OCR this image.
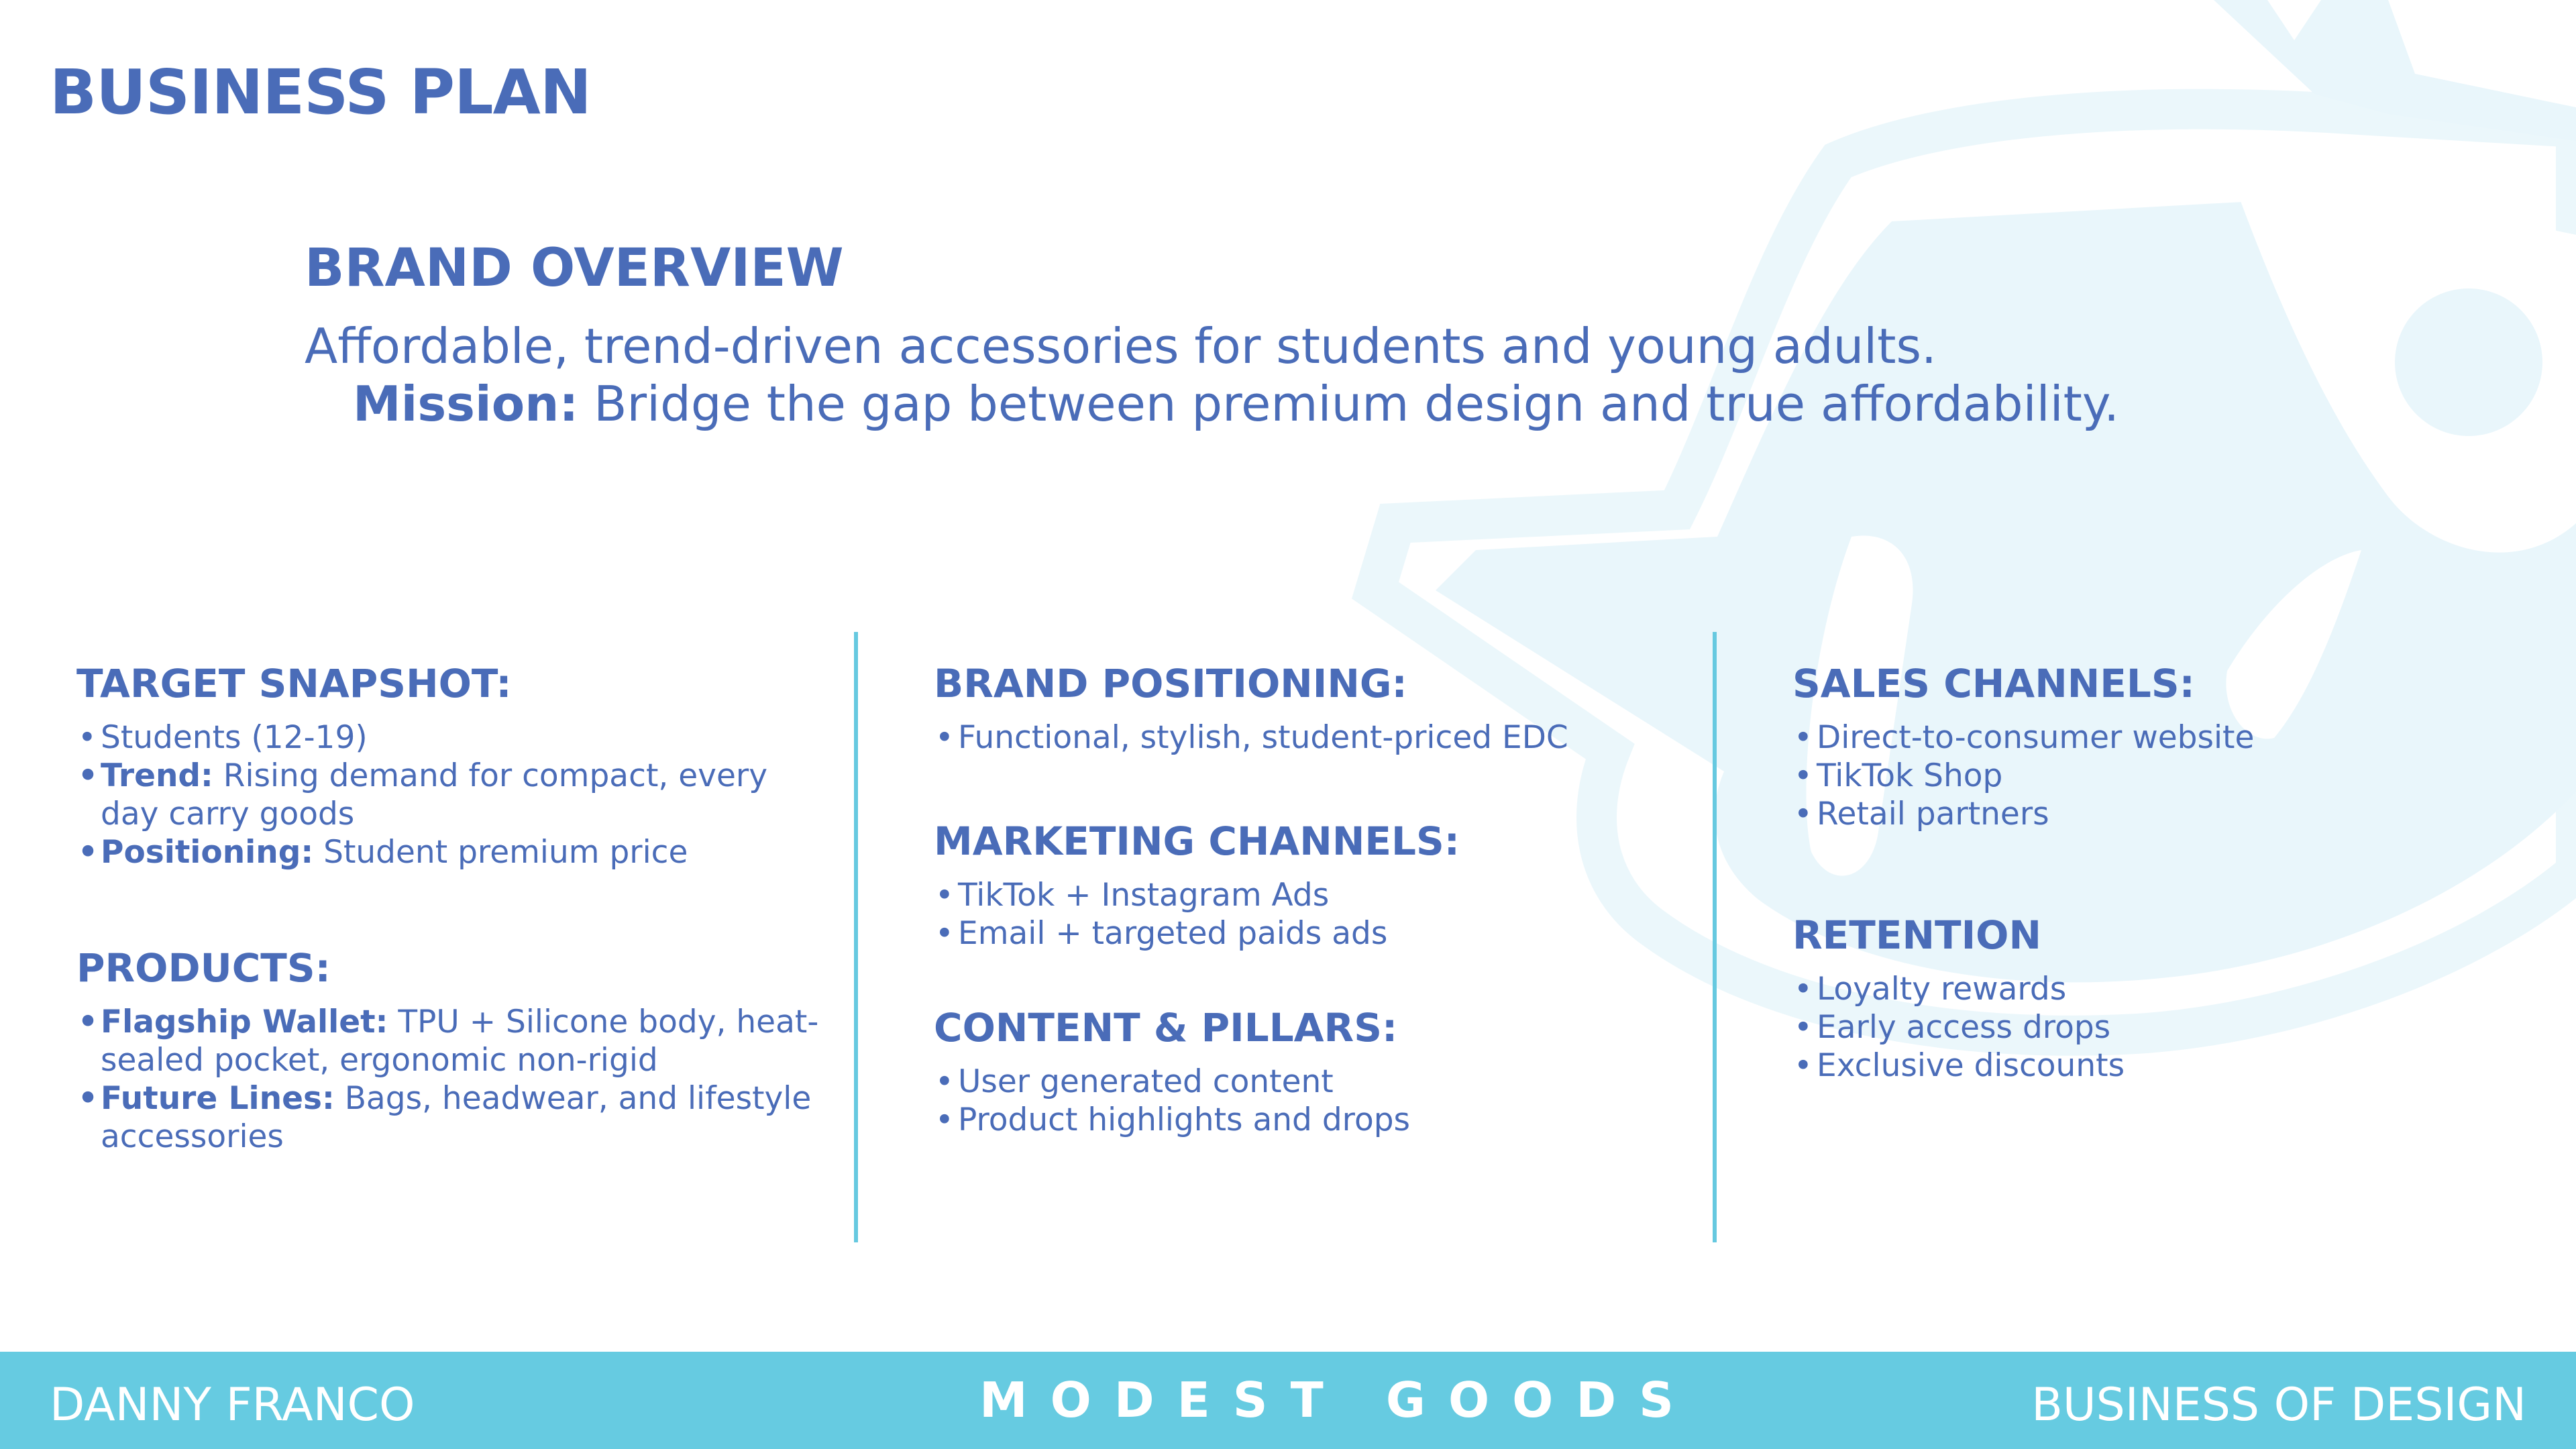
BUSINESS PLAN
BRAND OVERVIEW
Affordable, trend-driven accessories for students and young adults.
Mission: Bridge the gap between premium design and true affordability.
TARGET SNAPSHOT:
• Students (12-19)
• Trend: Rising demand for compact, every day carry goods
• Positioning: Student premium price
PRODUCTS:
• Flagship Wallet: TPU + Silicone body, heat-sealed pocket, ergonomic non-rigid
• Future Lines: Bags, headwear, and lifestyle accessories
BRAND POSITIONING:
• Functional, stylish, student-priced EDC
MARKETING CHANNELS:
• TikTok + Instagram Ads
• Email + targeted paids ads
CONTENT & PILLARS:
• User generated content
• Product highlights and drops
SALES CHANNELS:
• Direct-to-consumer website
• TikTok Shop
• Retail partners
RETENTION
• Loyalty rewards
• Early access drops
• Exclusive discounts
DANNY FRANCO	MODEST GOODS	BUSINESS OF DESIGN
